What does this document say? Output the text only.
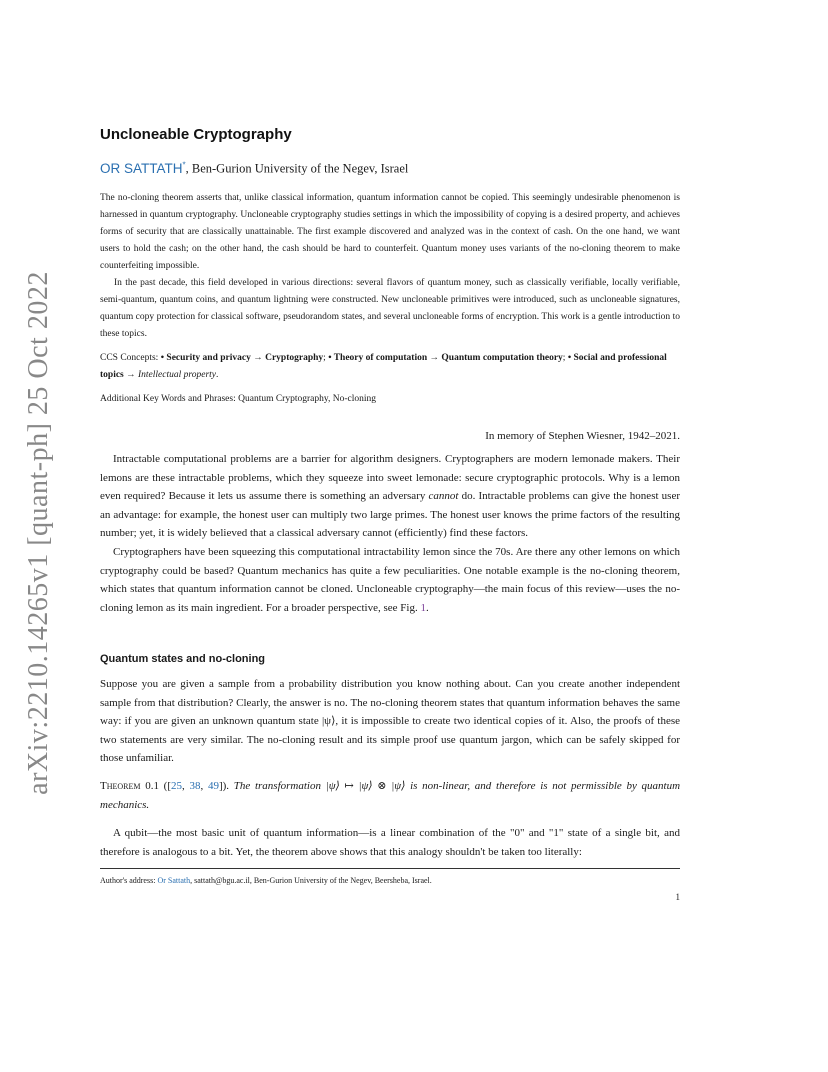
arXiv:2210.14265v1 [quant-ph] 25 Oct 2022
Uncloneable Cryptography
OR SATTATH*, Ben-Gurion University of the Negev, Israel

The no-cloning theorem asserts that, unlike classical information, quantum information cannot be copied. This seemingly undesirable phenomenon is harnessed in quantum cryptography. Uncloneable cryptography studies settings in which the impossibility of copying is a desired property, and achieves forms of security that are classically unattainable. The first example discovered and analyzed was in the context of cash. On the one hand, we want users to hold the cash; on the other hand, the cash should be hard to counterfeit. Quantum money uses variants of the no-cloning theorem to make counterfeiting impossible.

In the past decade, this field developed in various directions: several flavors of quantum money, such as classically verifiable, locally verifiable, semi-quantum, quantum coins, and quantum lightning were constructed. New uncloneable primitives were introduced, such as uncloneable signatures, quantum copy protection for classical software, pseudorandom states, and several uncloneable forms of encryption. This work is a gentle introduction to these topics.

CCS Concepts: • Security and privacy → Cryptography; • Theory of computation → Quantum computation theory; • Social and professional topics → Intellectual property.
Additional Key Words and Phrases: Quantum Cryptography, No-cloning
In memory of Stephen Wiesner, 1942–2021.

Intractable computational problems are a barrier for algorithm designers. Cryptographers are modern lemonade makers. Their lemons are these intractable problems, which they squeeze into sweet lemonade: secure cryptographic protocols. Why is a lemon even required? Because it lets us assume there is something an adversary cannot do. Intractable problems can give the honest user an advantage: for example, the honest user can multiply two large primes. The honest user knows the prime factors of the resulting number; yet, it is widely believed that a classical adversary cannot (efficiently) find these factors.

Cryptographers have been squeezing this computational intractability lemon since the 70s. Are there any other lemons on which cryptography could be based? Quantum mechanics has quite a few peculiarities. One notable example is the no-cloning theorem, which states that quantum information cannot be cloned. Uncloneable cryptography—the main focus of this review—uses the no-cloning lemon as its main ingredient. For a broader perspective, see Fig. 1.

Quantum states and no-cloning

Suppose you are given a sample from a probability distribution you know nothing about. Can you create another independent sample from that distribution? Clearly, the answer is no. The no-cloning theorem states that quantum information behaves the same way: if you are given an unknown quantum state |ψ⟩, it is impossible to create two identical copies of it. Also, the proofs of these two statements are very similar. The no-cloning result and its simple proof use quantum jargon, which can be safely skipped for those unfamiliar.

Theorem 0.1 ([25, 38, 49]). The transformation |ψ⟩ ↦ |ψ⟩ ⊗ |ψ⟩ is non-linear, and therefore is not permissible by quantum mechanics.

A qubit—the most basic unit of quantum information—is a linear combination of the "0" and "1" state of a single bit, and therefore is analogous to a bit. Yet, the theorem above shows that this analogy shouldn't be taken too literally:

Author's address: Or Sattath, sattath@bgu.ac.il, Ben-Gurion University of the Negev, Beersheba, Israel.
1
